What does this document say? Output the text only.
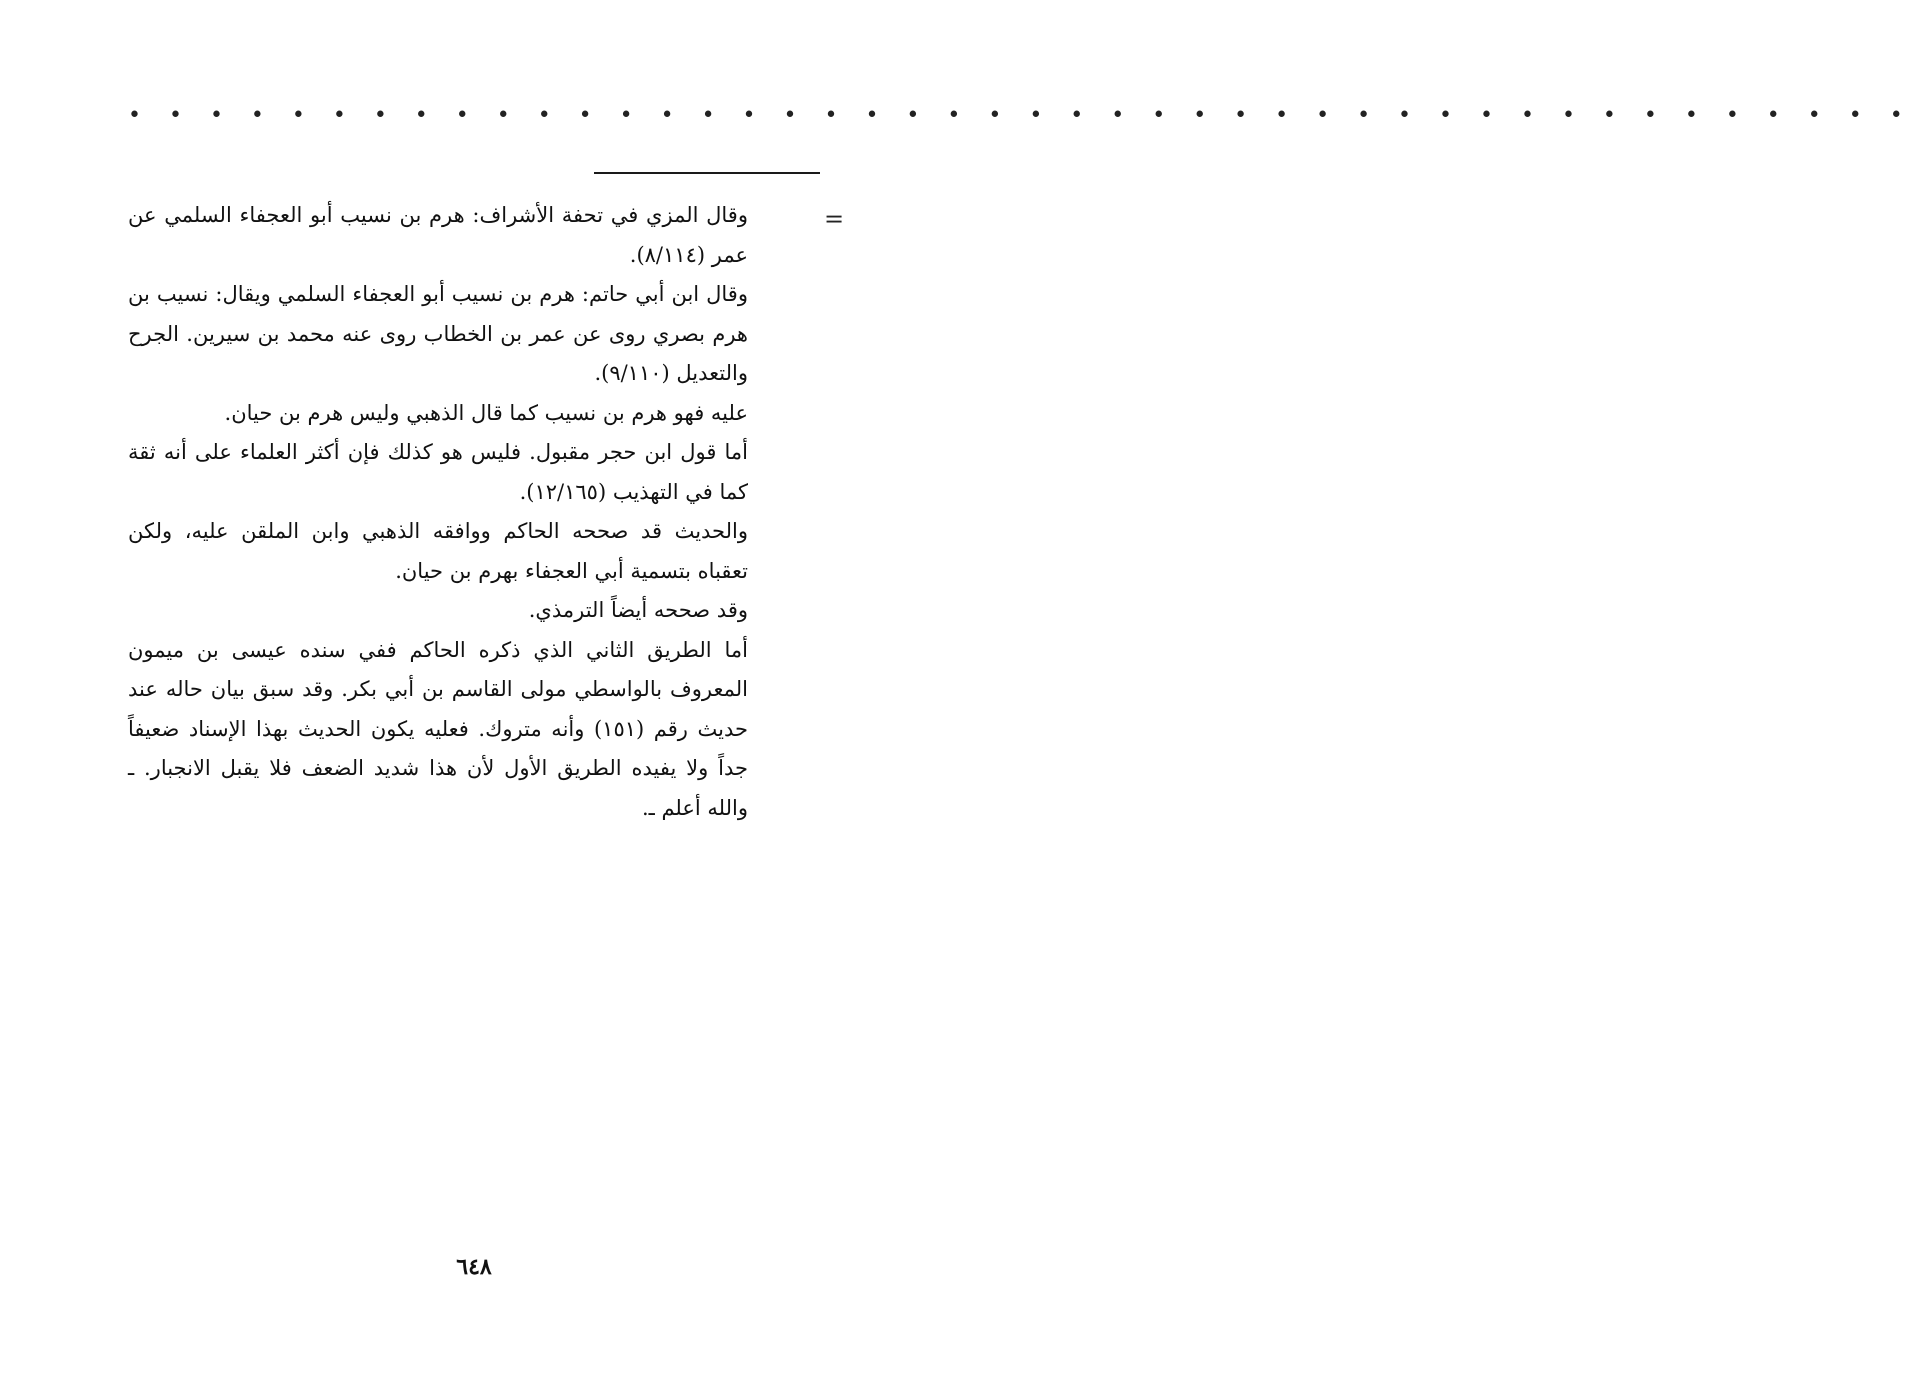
• • • • • • • • • • • • • • • • • • • • • • • • • • • • • • • • • • • • • • • • • • • •
=

وقال المزي في تحفة الأشراف: هرم بن نسيب أبو العجفاء السلمي عن عمر (٨/١١٤).

وقال ابن أبي حاتم: هرم بن نسيب أبو العجفاء السلمي ويقال: نسيب بن هرم بصري روى عن عمر بن الخطاب روى عنه محمد بن سيرين. الجرح والتعديل (٩/١١٠).

عليه فهو هرم بن نسيب كما قال الذهبي وليس هرم بن حيان.

أما قول ابن حجر مقبول. فليس هو كذلك فإن أكثر العلماء على أنه ثقة كما في التهذيب (١٢/١٦٥).

والحديث قد صححه الحاكم ووافقه الذهبي وابن الملقن عليه، ولكن تعقباه بتسمية أبي العجفاء بهرم بن حيان.

وقد صححه أيضاً الترمذي.

أما الطريق الثاني الذي ذكره الحاكم ففي سنده عيسى بن ميمون المعروف بالواسطي مولى القاسم بن أبي بكر. وقد سبق بيان حاله عند حديث رقم (١٥١) وأنه متروك. فعليه يكون الحديث بهذا الإسناد ضعيفاً جداً ولا يفيده الطريق الأول لأن هذا شديد الضعف فلا يقبل الانجبار. ـ والله أعلم ـ.

٦٤٨
